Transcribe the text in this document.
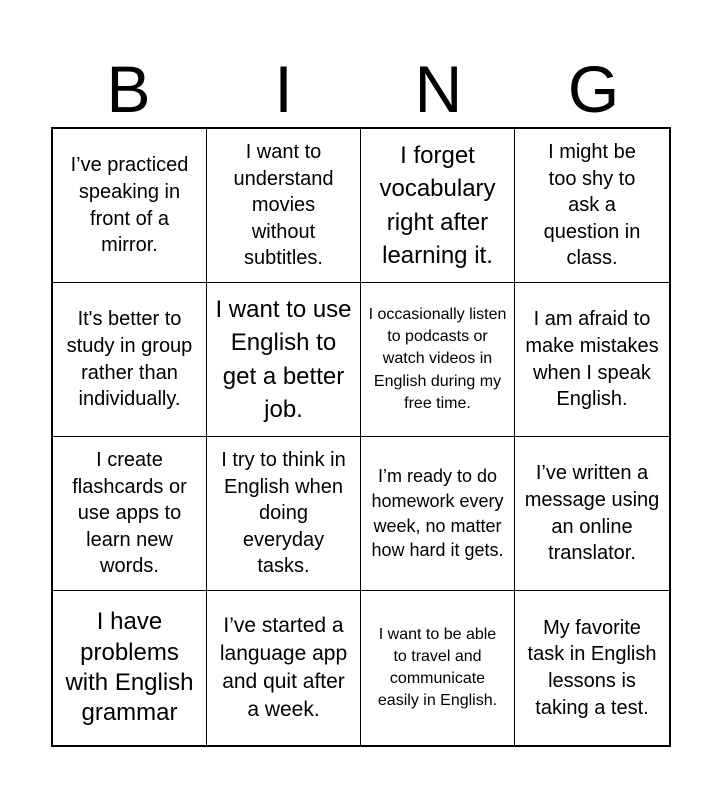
B	I	N	G
I’ve practiced speaking in front of a mirror.
I want to understand movies without subtitles.
I forget vocabulary right after learning it.
I might be too shy to ask a question in class.
It's better to study in group rather than individually.
I want to use English to get a better job.
I occasionally listen to podcasts or watch videos in English during my free time.
I am afraid to make mistakes when I speak English.
I create flashcards or use apps to learn new words.
I try to think in English when doing everyday tasks.
I’m ready to do homework every week, no matter how hard it gets.
I’ve written a message using an online translator.
I have problems with English grammar
I’ve started a language app and quit after a week.
I want to be able to travel and communicate easily in English.
My favorite task in English lessons is taking a test.
